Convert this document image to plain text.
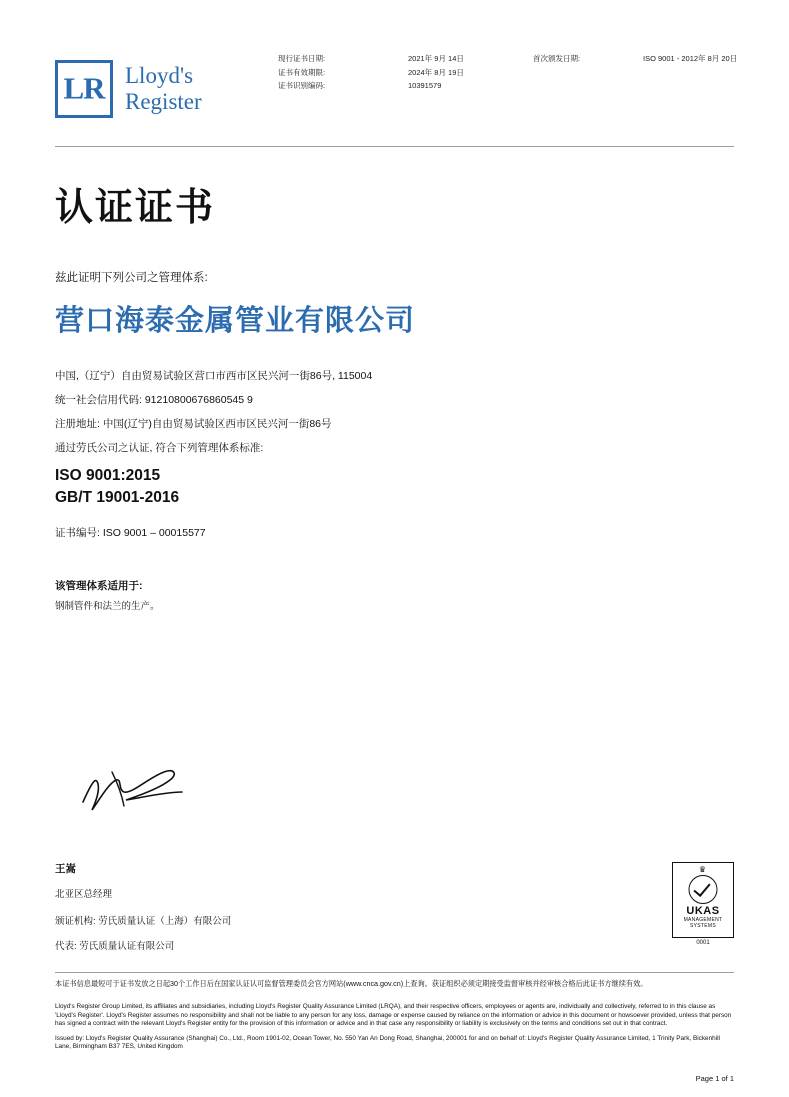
LR Lloyd's
Register
现行证书日期:
证书有效期限:
证书识别编码:
2021年 9月 14日
2024年 8月 19日
10391579
首次颁发日期:	ISO 9001 - 2012年 8月 20日
认证证书
兹此证明下列公司之管理体系:
营口海泰金属管业有限公司
中国,（辽宁）自由贸易试验区营口市西市区民兴河一街86号, 115004
统一社会信用代码: 91210800676860545 9
注册地址: 中国(辽宁)自由贸易试验区西市区民兴河一街86号
通过劳氏公司之认证, 符合下列管理体系标准:
ISO 9001:2015
GB/T 19001-2016
证书编号: ISO 9001 – 00015577
该管理体系适用于:
钢制管件和法兰的生产。
王嵩
北亚区总经理
颁证机构: 劳氏质量认证（上海）有限公司
代表: 劳氏质量认证有限公司
♛
UKAS
MANAGEMENT
SYSTEMS
0001
本证书信息最短可于证书发放之日起30个工作日后在国家认证认可监督管理委员会官方网站(www.cnca.gov.cn)上查询。获证组织必须定期接受监督审核并经审核合格后此证书方继续有效。

Lloyd's Register Group Limited, its affiliates and subsidiaries, including Lloyd's Register Quality Assurance Limited (LRQA), and their respective officers, employees or agents are, individually and collectively, referred to in this clause as 'Lloyd's Register'. Lloyd's Register assumes no responsibility and shall not be liable to any person for any loss, damage or expense caused by reliance on the information or advice in this document or howsoever provided, unless that person has signed a contract with the relevant Lloyd's Register entity for the provision of this information or advice and in that case any responsibility or liability is exclusively on the terms and conditions set out in that contract.

Issued by: Lloyd's Register Quality Assurance (Shanghai) Co., Ltd., Room 1901-02, Ocean Tower, No. 550 Yan An Dong Road, Shanghai, 200001 for and on behalf of: Lloyd's Register Quality Assurance Limited, 1 Trinity Park, Bickenhill Lane, Birmingham B37 7ES, United Kingdom

Page 1 of 1
